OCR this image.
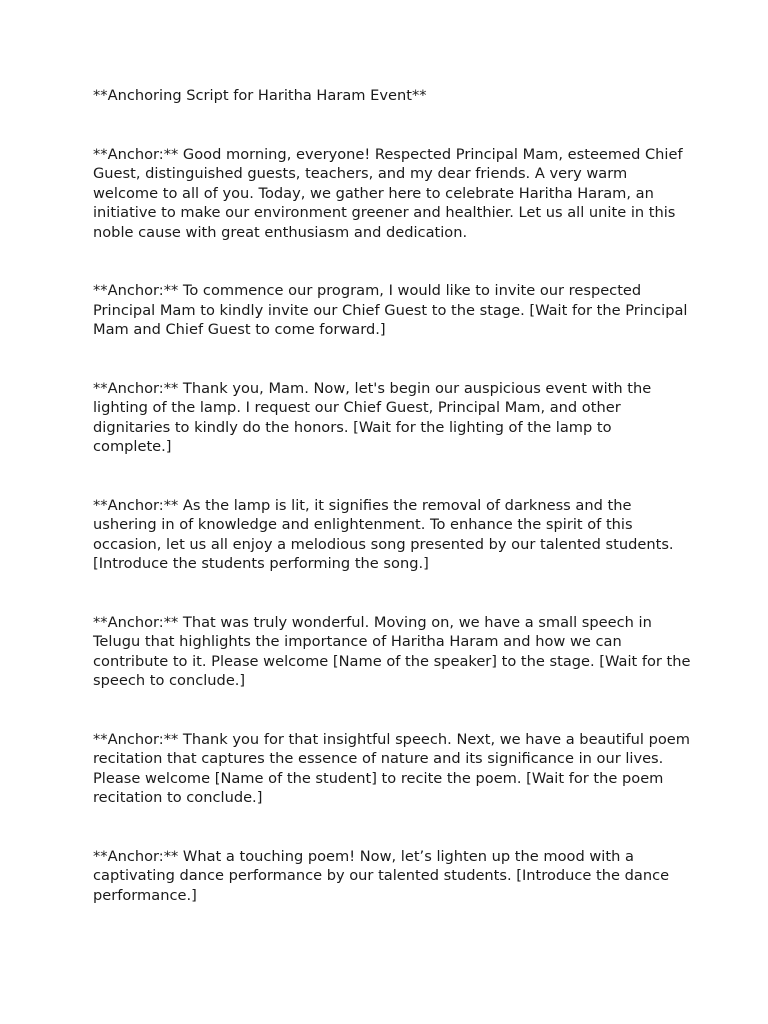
**Anchoring Script for Haritha Haram Event**

**Anchor:** Good morning, everyone! Respected Principal Mam, esteemed Chief Guest, distinguished guests, teachers, and my dear friends. A very warm welcome to all of you. Today, we gather here to celebrate Haritha Haram, an initiative to make our environment greener and healthier. Let us all unite in this noble cause with great enthusiasm and dedication.

**Anchor:** To commence our program, I would like to invite our respected Principal Mam to kindly invite our Chief Guest to the stage. [Wait for the Principal Mam and Chief Guest to come forward.]

**Anchor:** Thank you, Mam. Now, let's begin our auspicious event with the lighting of the lamp. I request our Chief Guest, Principal Mam, and other dignitaries to kindly do the honors. [Wait for the lighting of the lamp to complete.]

**Anchor:** As the lamp is lit, it signifies the removal of darkness and the ushering in of knowledge and enlightenment. To enhance the spirit of this occasion, let us all enjoy a melodious song presented by our talented students. [Introduce the students performing the song.]

**Anchor:** That was truly wonderful. Moving on, we have a small speech in Telugu that highlights the importance of Haritha Haram and how we can contribute to it. Please welcome [Name of the speaker] to the stage. [Wait for the speech to conclude.]

**Anchor:** Thank you for that insightful speech. Next, we have a beautiful poem recitation that captures the essence of nature and its significance in our lives. Please welcome [Name of the student] to recite the poem. [Wait for the poem recitation to conclude.]

**Anchor:** What a touching poem! Now, let’s lighten up the mood with a captivating dance performance by our talented students. [Introduce the dance performance.]
